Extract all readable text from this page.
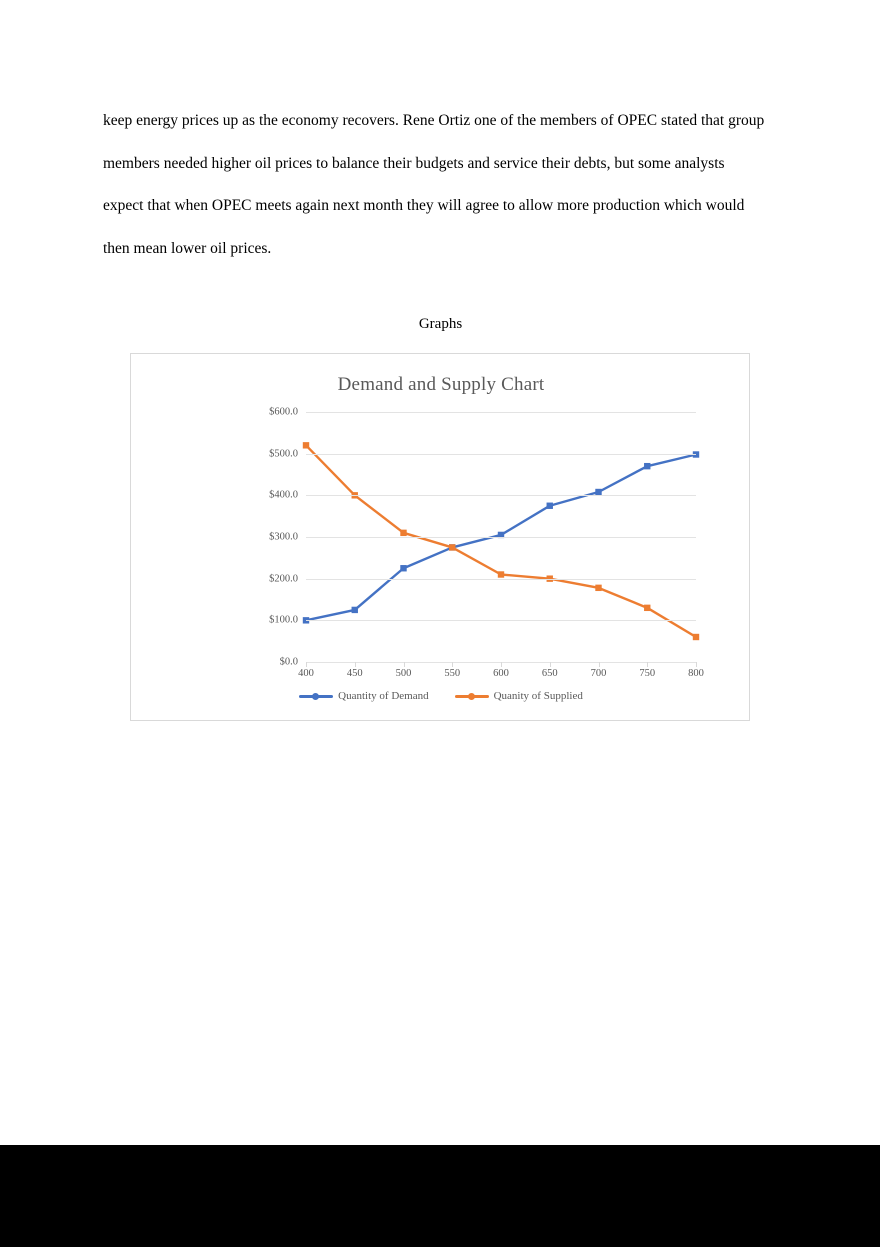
keep energy prices up as the economy recovers. Rene Ortiz one of the members of OPEC stated that group members needed higher oil prices to balance their budgets and service their debts, but some analysts expect that when OPEC meets again next month they will agree to allow more production which would then mean lower oil prices.
Graphs
Demand and Supply Chart
$0.0
$100.0
$200.0
$300.0
$400.0
$500.0
$600.0
400	450	500	550	600	650	700	750	800
Quantity of Demand	Quanity of Supplied
